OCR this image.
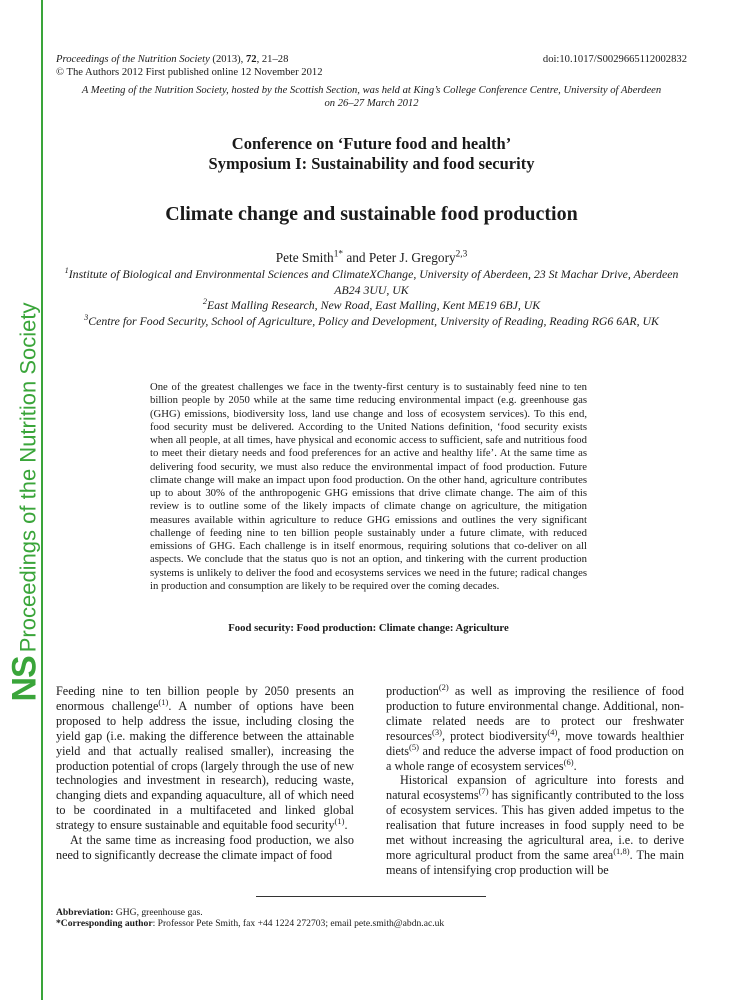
NS
Proceedings of the Nutrition Society
Proceedings of the Nutrition Society (2013), 72, 21–28
© The Authors 2012 First published online 12 November 2012
doi:10.1017/S0029665112002832
A Meeting of the Nutrition Society, hosted by the Scottish Section, was held at King’s College Conference Centre, University of Aberdeen
on 26–27 March 2012
Conference on ‘Future food and health’
Symposium I: Sustainability and food security
Climate change and sustainable food production
Pete Smith$^{1*}$ and Peter J. Gregory$^{2,3}$
$^1$Institute of Biological and Environmental Sciences and ClimateXChange, University of Aberdeen, 23 St Machar Drive, Aberdeen AB24 3UU, UK
$^2$East Malling Research, New Road, East Malling, Kent ME19 6BJ, UK
$^3$Centre for Food Security, School of Agriculture, Policy and Development, University of Reading, Reading RG6 6AR, UK
One of the greatest challenges we face in the twenty-first century is to sustainably feed nine to ten billion people by 2050 while at the same time reducing environmental impact (e.g. greenhouse gas (GHG) emissions, biodiversity loss, land use change and loss of ecosystem services). To this end, food security must be delivered. According to the United Nations definition, ‘food security exists when all people, at all times, have physical and economic access to sufficient, safe and nutritious food to meet their dietary needs and food preferences for an active and healthy life’. At the same time as delivering food security, we must also reduce the environmental impact of food production. Future climate change will make an impact upon food production. On the other hand, agriculture contributes up to about 30% of the anthropogenic GHG emissions that drive climate change. The aim of this review is to outline some of the likely impacts of climate change on agriculture, the mitigation measures available within agriculture to reduce GHG emissions and outlines the very significant challenge of feeding nine to ten billion people sustainably under a future climate, with reduced emissions of GHG. Each challenge is in itself enormous, requiring solutions that co-deliver on all aspects. We conclude that the status quo is not an option, and tinkering with the current production systems is unlikely to deliver the food and ecosystems services we need in the future; radical changes in production and consumption are likely to be required over the coming decades.
Food security: Food production: Climate change: Agriculture

Feeding nine to ten billion people by 2050 presents an enormous challenge$^{(1)}$. A number of options have been proposed to help address the issue, including closing the yield gap (i.e. making the difference between the attainable yield and that actually realised smaller), increasing the production potential of crops (largely through the use of new technologies and investment in research), reducing waste, changing diets and expanding aquaculture, all of which need to be coordinated in a multifaceted and linked global strategy to ensure sustainable and equitable food security$^{(1)}$.

At the same time as increasing food production, we also need to significantly decrease the climate impact of food

production$^{(2)}$ as well as improving the resilience of food production to future environmental change. Additional, non-climate related needs are to protect our freshwater resources$^{(3)}$, protect biodiversity$^{(4)}$, move towards healthier diets$^{(5)}$ and reduce the adverse impact of food production on a whole range of ecosystem services$^{(6)}$.

Historical expansion of agriculture into forests and natural ecosystems$^{(7)}$ has significantly contributed to the loss of ecosystem services. This has given added impetus to the realisation that future increases in food supply need to be met without increasing the agricultural area, i.e. to derive more agricultural product from the same area$^{(1,8)}$. The main means of intensifying crop production will be

Abbreviation: GHG, greenhouse gas.
*Corresponding author: Professor Pete Smith, fax +44 1224 272703; email pete.smith@abdn.ac.uk
